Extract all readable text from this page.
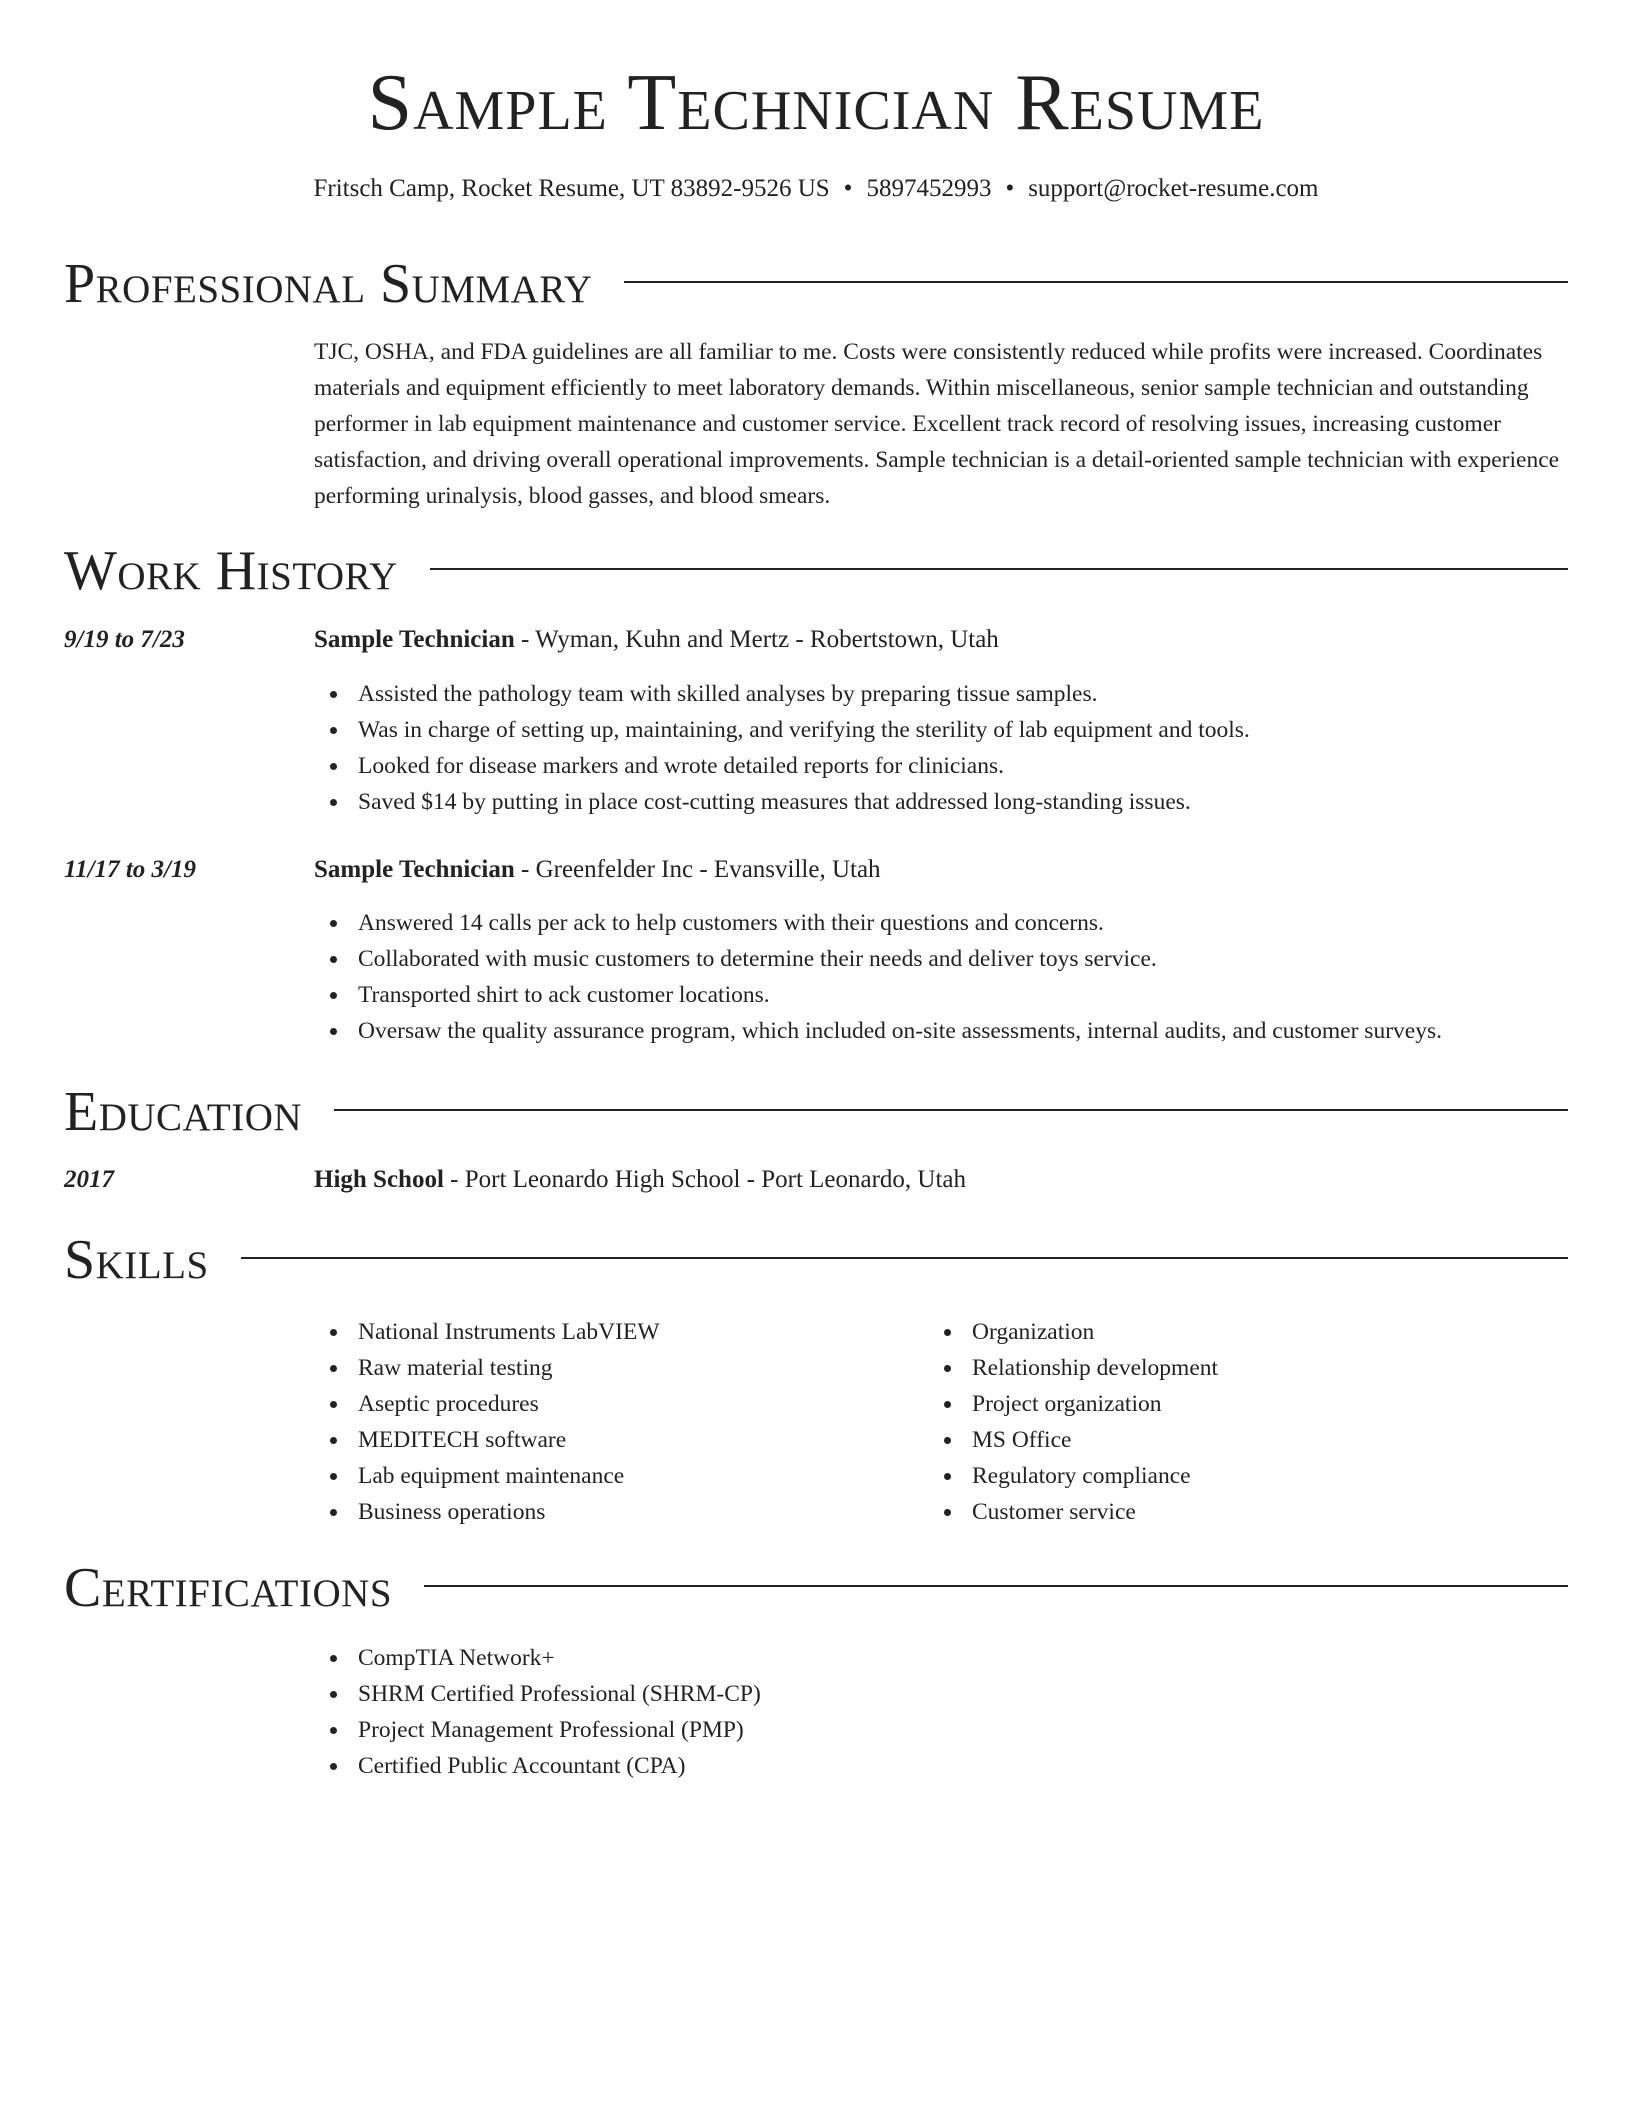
Sample Technician Resume
Fritsch Camp, Rocket Resume, UT 83892-9526 US • 5897452993 • support@rocket-resume.com
Professional Summary
TJC, OSHA, and FDA guidelines are all familiar to me. Costs were consistently reduced while profits were increased. Coordinates materials and equipment efficiently to meet laboratory demands. Within miscellaneous, senior sample technician and outstanding performer in lab equipment maintenance and customer service. Excellent track record of resolving issues, increasing customer satisfaction, and driving overall operational improvements. Sample technician is a detail-oriented sample technician with experience performing urinalysis, blood gasses, and blood smears.
Work History
9/19 to 7/23	Sample Technician - Wyman, Kuhn and Mertz - Robertstown, Utah
Assisted the pathology team with skilled analyses by preparing tissue samples.
Was in charge of setting up, maintaining, and verifying the sterility of lab equipment and tools.
Looked for disease markers and wrote detailed reports for clinicians.
Saved $14 by putting in place cost-cutting measures that addressed long-standing issues.
11/17 to 3/19	Sample Technician - Greenfelder Inc - Evansville, Utah
Answered 14 calls per ack to help customers with their questions and concerns.
Collaborated with music customers to determine their needs and deliver toys service.
Transported shirt to ack customer locations.
Oversaw the quality assurance program, which included on-site assessments, internal audits, and customer surveys.
Education
2017	High School - Port Leonardo High School - Port Leonardo, Utah
Skills
National Instruments LabVIEW
Raw material testing
Aseptic procedures
MEDITECH software
Lab equipment maintenance
Business operations
Organization
Relationship development
Project organization
MS Office
Regulatory compliance
Customer service
Certifications
CompTIA Network+
SHRM Certified Professional (SHRM-CP)
Project Management Professional (PMP)
Certified Public Accountant (CPA)
